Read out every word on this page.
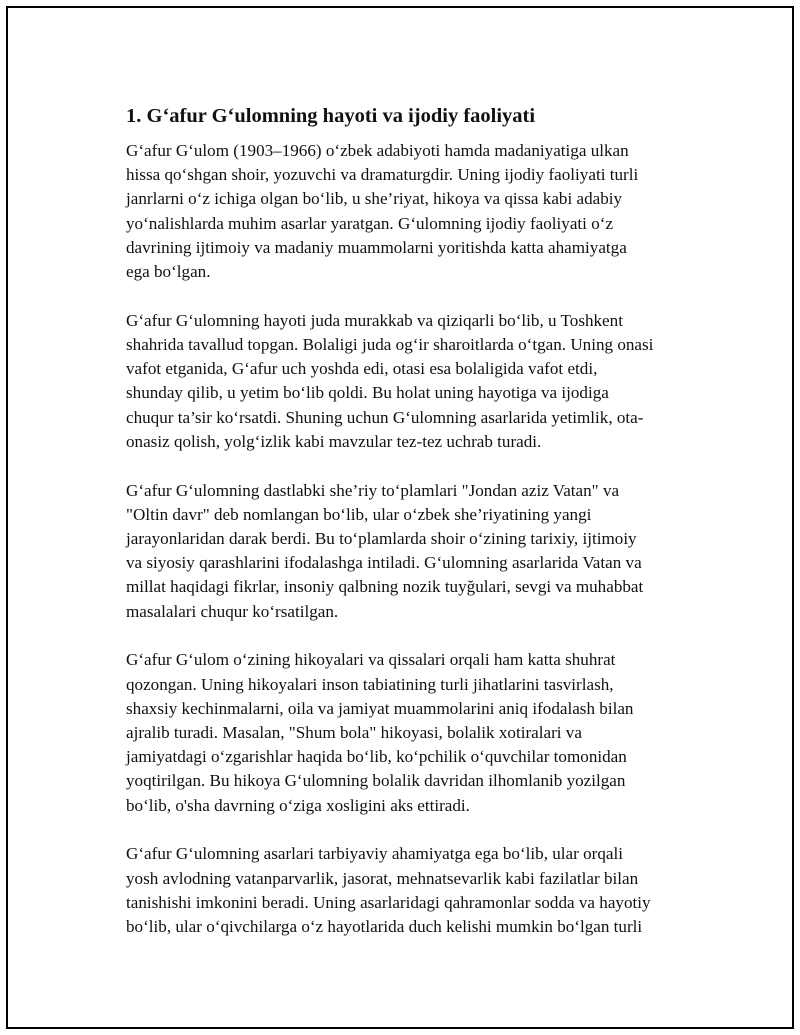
1. G‘afur G‘ulomning hayoti va ijodiy faoliyati

G‘afur G‘ulom (1903–1966) o‘zbek adabiyoti hamda madaniyatiga ulkan
hissa qo‘shgan shoir, yozuvchi va dramaturgdir. Uning ijodiy faoliyati turli
janrlarni o‘z ichiga olgan bo‘lib, u she’riyat, hikoya va qissa kabi adabiy
yo‘nalishlarda muhim asarlar yaratgan. G‘ulomning ijodiy faoliyati o‘z
davrining ijtimoiy va madaniy muammolarni yoritishda katta ahamiyatga
ega bo‘lgan.

G‘afur G‘ulomning hayoti juda murakkab va qiziqarli bo‘lib, u Toshkent
shahrida tavallud topgan. Bolaligi juda og‘ir sharoitlarda o‘tgan. Uning onasi
vafot etganida, G‘afur uch yoshda edi, otasi esa bolaligida vafot etdi,
shunday qilib, u yetim bo‘lib qoldi. Bu holat uning hayotiga va ijodiga
chuqur ta’sir ko‘rsatdi. Shuning uchun G‘ulomning asarlarida yetimlik, ota-
onasiz qolish, yolg‘izlik kabi mavzular tez-tez uchrab turadi.

G‘afur G‘ulomning dastlabki she’riy to‘plamlari "Jondan aziz Vatan" va
"Oltin davr" deb nomlangan bo‘lib, ular o‘zbek she’riyatining yangi
jarayonlaridan darak berdi. Bu to‘plamlarda shoir o‘zining tarixiy, ijtimoiy
va siyosiy qarashlarini ifodalashga intiladi. G‘ulomning asarlarida Vatan va
millat haqidagi fikrlar, insoniy qalbning nozik tuyğulari, sevgi va muhabbat
masalalari chuqur ko‘rsatilgan.

G‘afur G‘ulom o‘zining hikoyalari va qissalari orqali ham katta shuhrat
qozongan. Uning hikoyalari inson tabiatining turli jihatlarini tasvirlash,
shaxsiy kechinmalarni, oila va jamiyat muammolarini aniq ifodalash bilan
ajralib turadi. Masalan, "Shum bola" hikoyasi, bolalik xotiralari va
jamiyatdagi o‘zgarishlar haqida bo‘lib, ko‘pchilik o‘quvchilar tomonidan
yoqtirilgan. Bu hikoya G‘ulomning bolalik davridan ilhomlanib yozilgan
bo‘lib, o'sha davrning o‘ziga xosligini aks ettiradi.

G‘afur G‘ulomning asarlari tarbiyaviy ahamiyatga ega bo‘lib, ular orqali
yosh avlodning vatanparvarlik, jasorat, mehnatsevarlik kabi fazilatlar bilan
tanishishi imkonini beradi. Uning asarlaridagi qahramonlar sodda va hayotiy
bo‘lib, ular o‘qivchilarga o‘z hayotlarida duch kelishi mumkin bo‘lgan turli
